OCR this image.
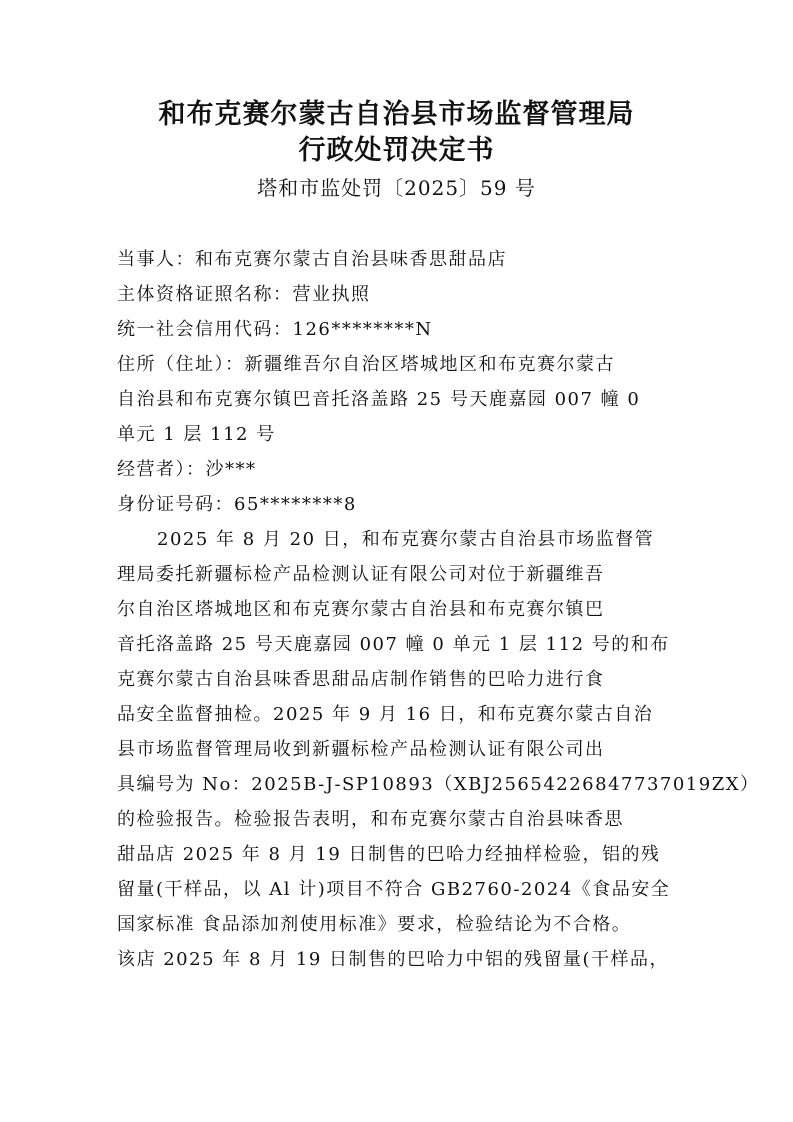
和布克赛尔蒙古自治县市场监督管理局
行政处罚决定书
塔和市监处罚〔2025〕59 号
当事人：和布克赛尔蒙古自治县味香思甜品店
主体资格证照名称：营业执照
统一社会信用代码：126********N
住所（住址）：新疆维吾尔自治区塔城地区和布克赛尔蒙古
自治县和布克赛尔镇巴音托洛盖路 25 号天鹿嘉园 007 幢 0
单元 1 层 112 号
经营者）：沙***
身份证号码：65********8
2025 年 8 月 20 日，和布克赛尔蒙古自治县市场监督管
理局委托新疆标检产品检测认证有限公司对位于新疆维吾
尔自治区塔城地区和布克赛尔蒙古自治县和布克赛尔镇巴
音托洛盖路 25 号天鹿嘉园 007 幢 0 单元 1 层 112 号的和布
克赛尔蒙古自治县味香思甜品店制作销售的巴哈力进行食
品安全监督抽检。2025 年 9 月 16 日，和布克赛尔蒙古自治
县市场监督管理局收到新疆标检产品检测认证有限公司出
具编号为 No：2025B-J-SP10893（XBJ25654226847737019ZX）
的检验报告。检验报告表明，和布克赛尔蒙古自治县味香思
甜品店 2025 年 8 月 19 日制售的巴哈力经抽样检验，铝的残
留量(干样品，以 Al 计)项目不符合 GB2760-2024《食品安全
国家标准 食品添加剂使用标准》要求，检验结论为不合格。
该店 2025 年 8 月 19 日制售的巴哈力中铝的残留量(干样品，
